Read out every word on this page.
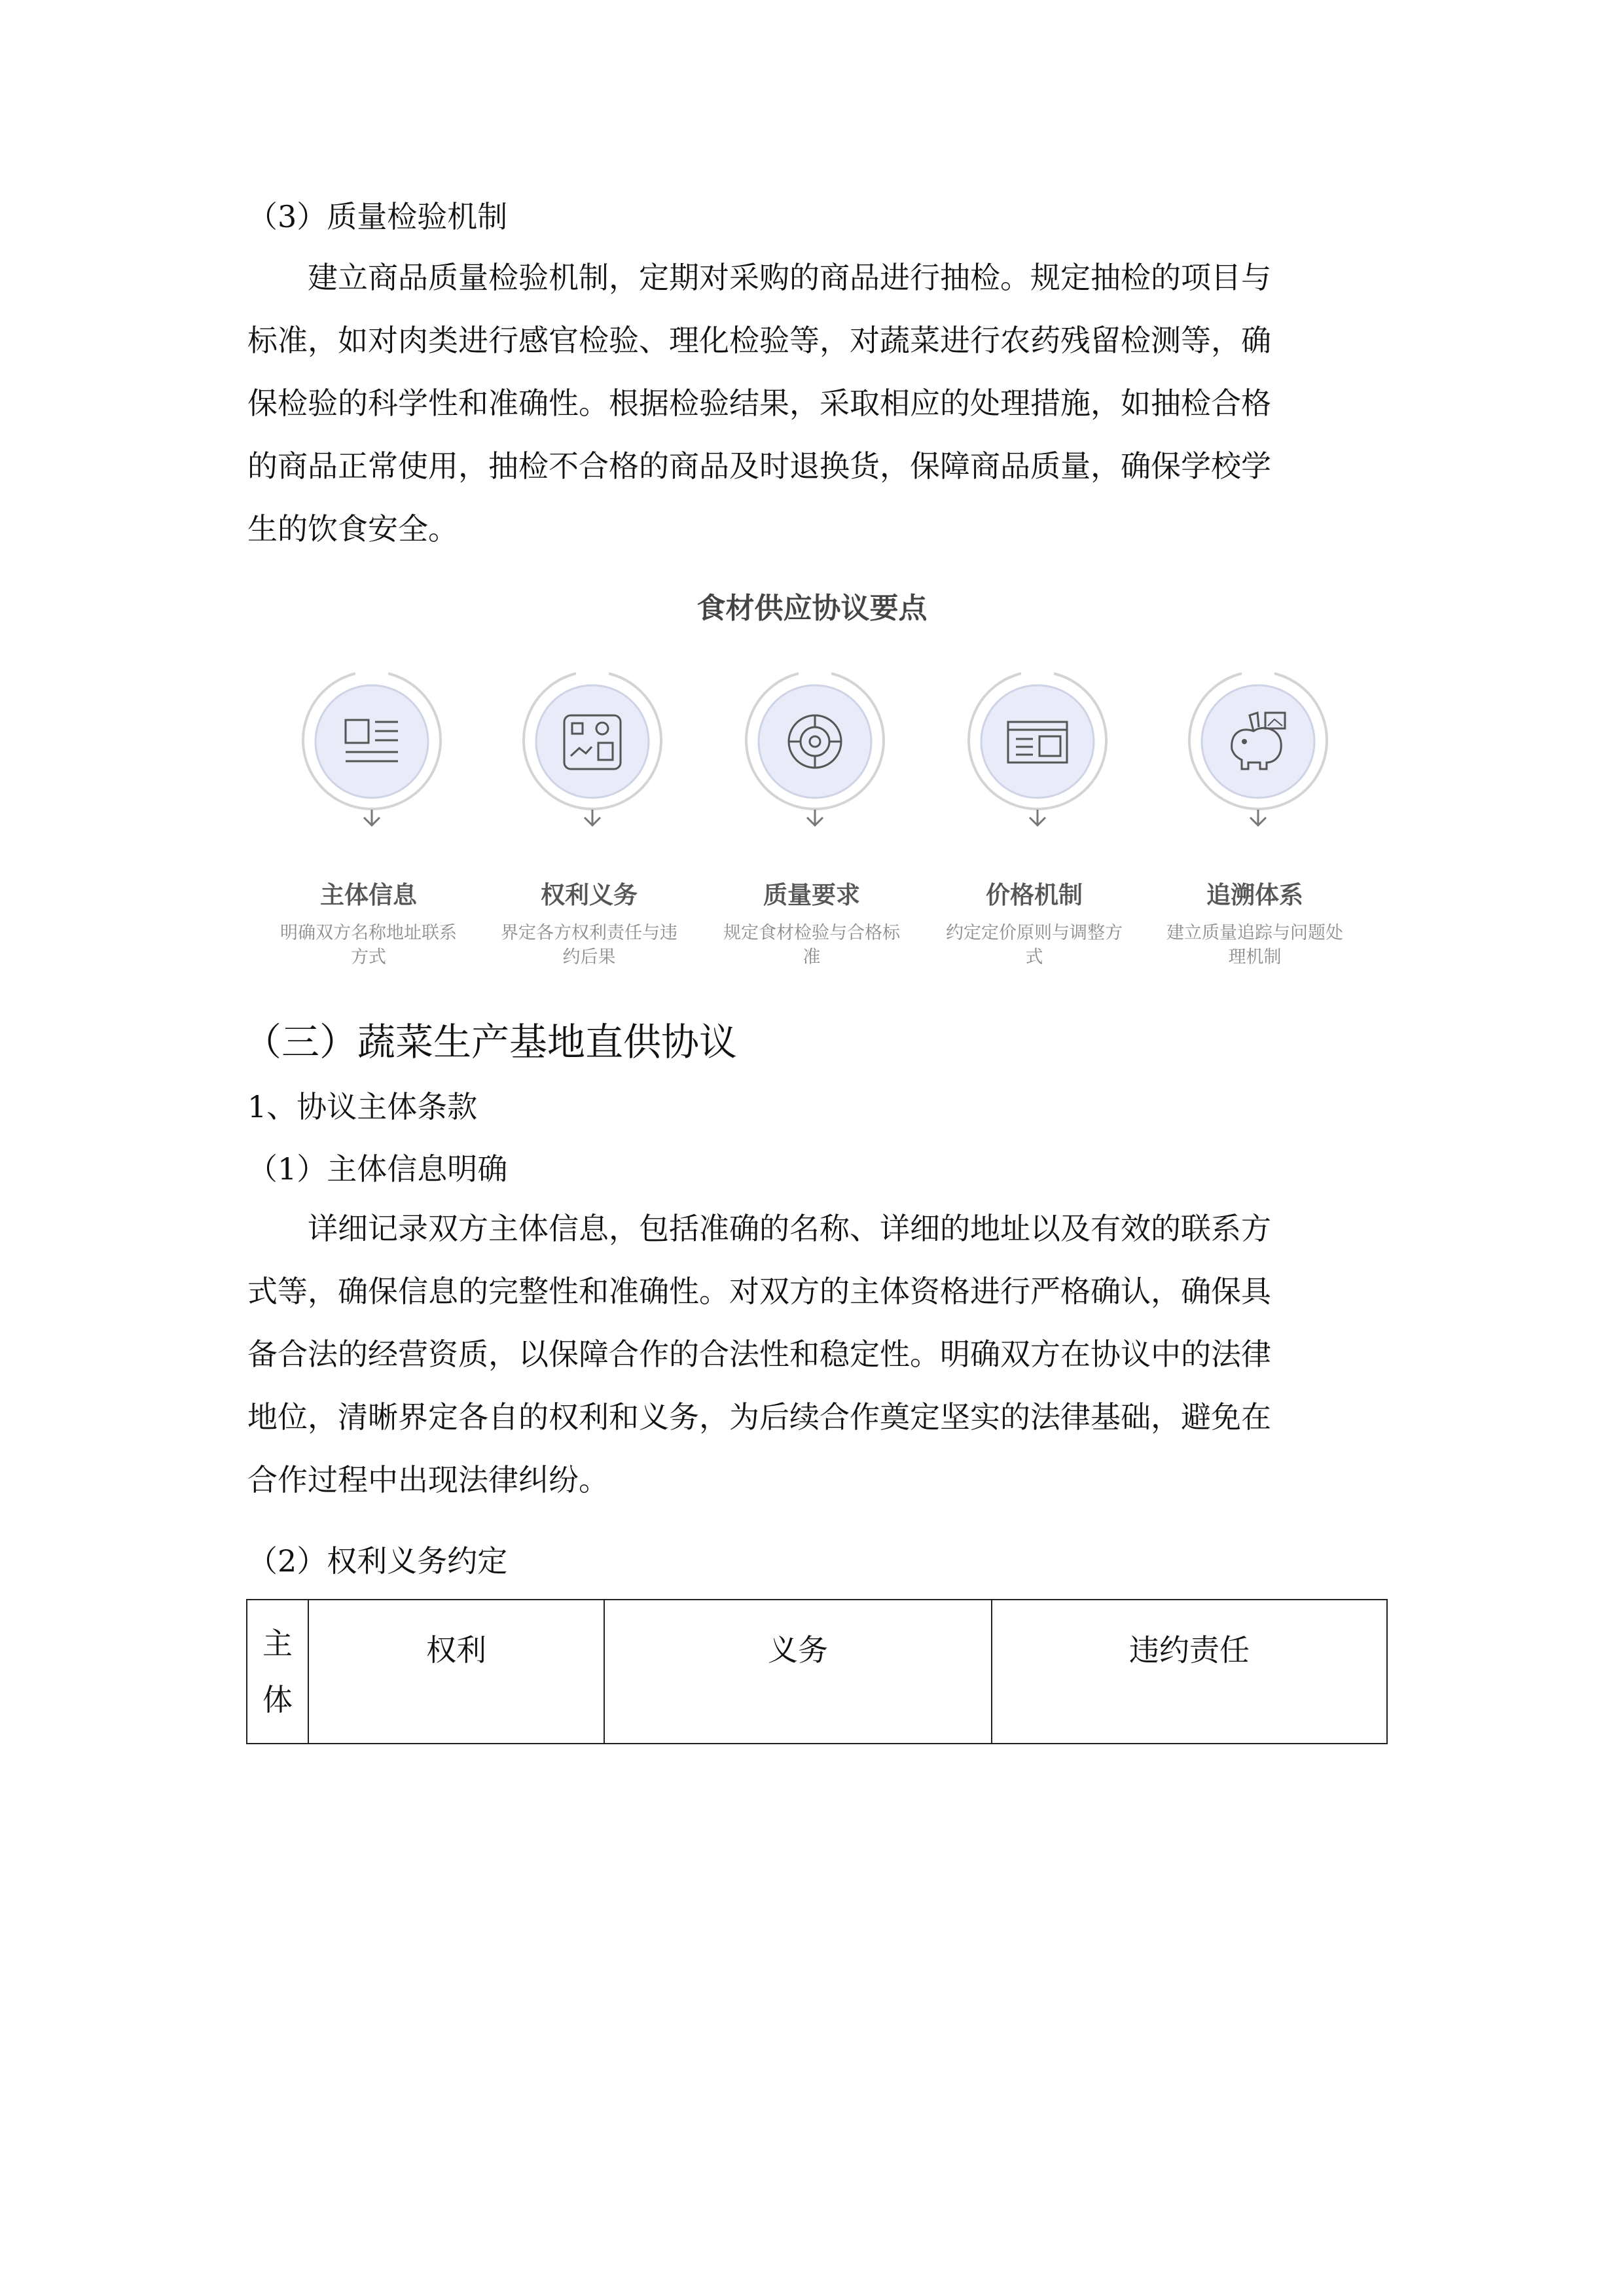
（3）质量检验机制
建立商品质量检验机制，定期对采购的商品进行抽检。规定抽检的项目与
标准，如对肉类进行感官检验、理化检验等，对蔬菜进行农药残留检测等，确
保检验的科学性和准确性。根据检验结果，采取相应的处理措施，如抽检合格
的商品正常使用，抽检不合格的商品及时退换货，保障商品质量，确保学校学
生的饮食安全。
食材供应协议要点
主体信息
明确双方名称地址联系
方式
权利义务
界定各方权利责任与违
约后果
质量要求
规定食材检验与合格标
准
价格机制
约定定价原则与调整方
式
追溯体系
建立质量追踪与问题处
理机制
（三）蔬菜生产基地直供协议
1、协议主体条款
（1）主体信息明确
详细记录双方主体信息，包括准确的名称、详细的地址以及有效的联系方
式等，确保信息的完整性和准确性。对双方的主体资格进行严格确认，确保具
备合法的经营资质，以保障合作的合法性和稳定性。明确双方在协议中的法律
地位，清晰界定各自的权利和义务，为后续合作奠定坚实的法律基础，避免在
合作过程中出现法律纠纷。
（2）权利义务约定
主
体
	权利	义务	违约责任
